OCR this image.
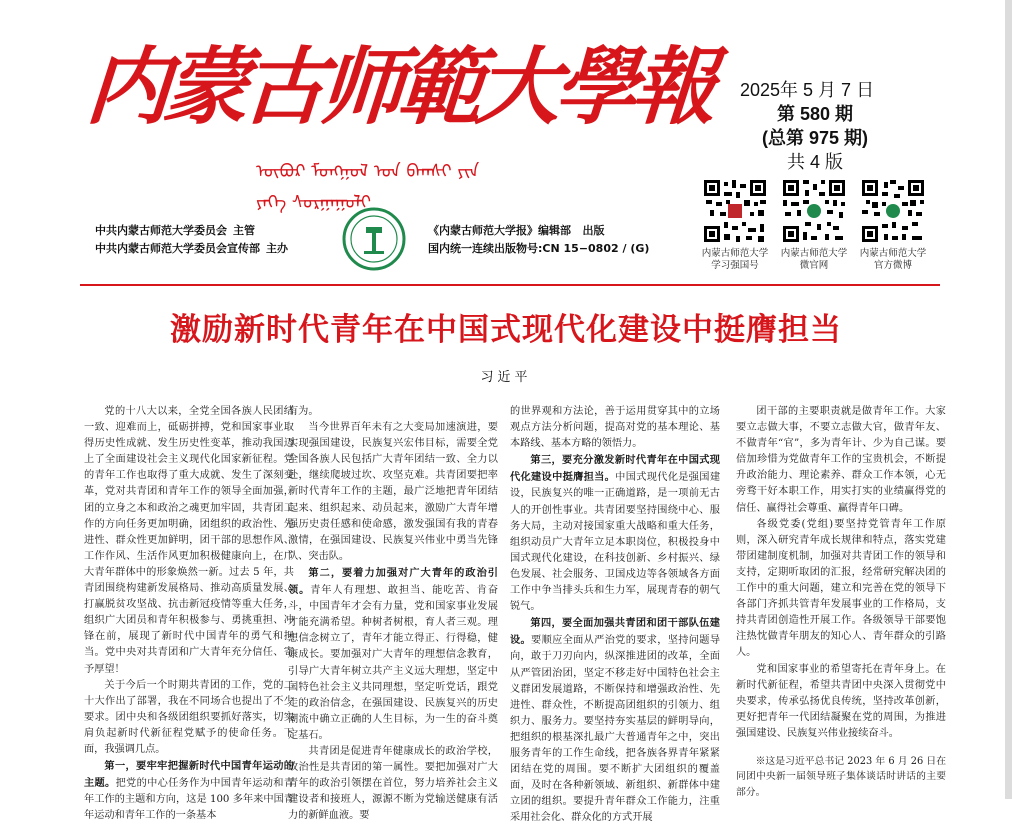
内蒙古师範大學報
ᠥᠪᠥᠷ ᠮᠣᠩᠭᠣᠯ ᠤᠨ ᠪᠠᠭᠰᠢ ᠶᠢᠨ ᠶᠡᠬᠡ ᠰᠤᠷᠭᠠᠭᠤᠯᠢ
2025年 5 月 7 日
第 580 期
(总第 975 期)
共 4 版
中共内蒙古师范大学委员会 主管
中共内蒙古师范大学委员会宣传部 主办
《内蒙古师范大学报》编辑部 出版
国内统一连续出版物号:CN 15−0802 / (G)	内蒙古师范大学
学习强国号
内蒙古师范大学
微官网
内蒙古师范大学
官方微博
激励新时代青年在中国式现代化建设中挺膺担当
习近平

党的十八大以来，全党全国各族人民团结一致、迎难而上，砥砺拼搏，党和国家事业取得历史性成就、发生历史性变革，推动我国迈上了全面建设社会主义现代化国家新征程。党的青年工作也取得了重大成就、发生了深刻变革，党对共青团和青年工作的领导全面加强，团的立身之本和政治之魂更加牢固，共青团工作的方向任务更加明确，团组织的政治性、先进性、群众性更加鲜明，团干部的思想作风、工作作风、生活作风更加积极健康向上，在广大青年群体中的形象焕然一新。过去 5 年，共青团围绕构建新发展格局、推动高质量发展、打赢脱贫攻坚战、抗击新冠疫情等重大任务，组织广大团员和青年积极参与、勇挑重担、冲锋在前，展现了新时代中国青年的勇气和担当。党中央对共青团和广大青年充分信任、寄予厚望！

关于今后一个时期共青团的工作，党的二十大作出了部署，我在不同场合也提出了不少要求。团中央和各级团组织要抓好落实，切实肩负起新时代新征程党赋予的使命任务。下面，我强调几点。

第一，要牢牢把握新时代中国青年运动的主题。把党的中心任务作为中国青年运动和青年工作的主题和方向，这是 100 多年来中国青年运动和青年工作的一条基本

有为。

当今世界百年未有之大变局加速演进，要实现强国建设，民族复兴宏伟目标，需要全党全国各族人民包括广大青年团结一致、全力以赴，继续爬坡过坎、攻坚克难。共青团要把率新时代青年工作的主题，最广泛地把青年团结起来、组织起来、动员起来，激励广大青年增强历史责任感和使命感，激发强国有我的青春激情，在强国建设、民族复兴伟业中勇当先锋队、突击队。

第二，要着力加强对广大青年的政治引领。青年人有理想、敢担当、能吃苦、肯奋斗，中国青年才会有力量，党和国家事业发展才能充满希望。种树者树根，育人者三观。理想信念树立了，青年才能立得正、行得稳，健康成长。要加强对广大青年的理想信念教育，引导广大青年树立共产主义远大理想，坚定中国特色社会主义共同理想，坚定听党话，跟党走的政治信念，在强国建设、民族复兴的历史潮流中确立正确的人生目标，为一生的奋斗奠定基石。

共青团是促进青年健康成长的政治学校，政治性是共青团的第一属性。要把加强对广大青年的政治引领摆在首位，努力培养社会主义建设者和接班人，源源不断为党输送健康有活力的新鲜血液。要

的世界观和方法论，善于运用贯穿其中的立场观点方法分析问题，提高对党的基本理论、基本路线、基本方略的领悟力。

第三，要充分激发新时代青年在中国式现代化建设中挺膺担当。中国式现代化是强国建设，民族复兴的唯一正确道路，是一项前无古人的开创性事业。共青团要坚持围绕中心、服务大局，主动对接国家重大战略和重大任务，组织动员广大青年立足本职岗位，积极投身中国式现代化建设，在科技创新、乡村振兴、绿色发展、社会服务、卫国戍边等各领域各方面工作中争当排头兵和生力军，展现青春的朝气锐气。

第四，要全面加强共青团和团干部队伍建设。要顺应全面从严治党的要求，坚持问题导向，敢于刀刃向内，纵深推进团的改革，全面从严管团治团，坚定不移走好中国特色社会主义群团发展道路，不断保持和增强政治性、先进性、群众性，不断提高团组织的引领力、组织力、服务力。要坚持夯实基层的鲜明导向，把组织的根基深扎最广大普通青年之中，突出服务青年的工作生命线，把各族各界青年紧紧团结在党的周围。要不断扩大团组织的覆盖面，及时在各种新领域、新组织、新群体中建立团的组织。要提升青年群众工作能力，注重采用社会化、群众化的方式开展

团干部的主要职责就是做青年工作。大家要立志做大事，不要立志做大官，做青年友、不做青年“官”，多为青年计、少为自己谋。要倍加珍惜为党做青年工作的宝贵机会，不断提升政治能力、理论素养、群众工作本领，心无旁骛干好本职工作，用实打实的业绩赢得党的信任、赢得社会尊重、赢得青年口碑。

各级党委(党组)要坚持党管青年工作原则，深入研究青年成长规律和特点，落实党建带团建制度机制，加强对共青团工作的领导和支持，定期听取团的汇报，经常研究解决团的工作中的重大问题，建立和完善在党的领导下各部门齐抓共管青年发展事业的工作格局，支持共青团创造性开展工作。各级领导干部要饱注热忱做青年朋友的知心人、青年群众的引路人。

党和国家事业的希望寄托在青年身上。在新时代新征程，希望共青团中央深入贯彻党中央要求，传承弘扬优良传统，坚持改革创新，更好把青年一代团结凝聚在党的周围，为推进强国建设、民族复兴伟业接续奋斗。

※这是习近平总书记 2023 年 6 月 26 日在同团中央新一届领导班子集体谈话时讲话的主要部分。
